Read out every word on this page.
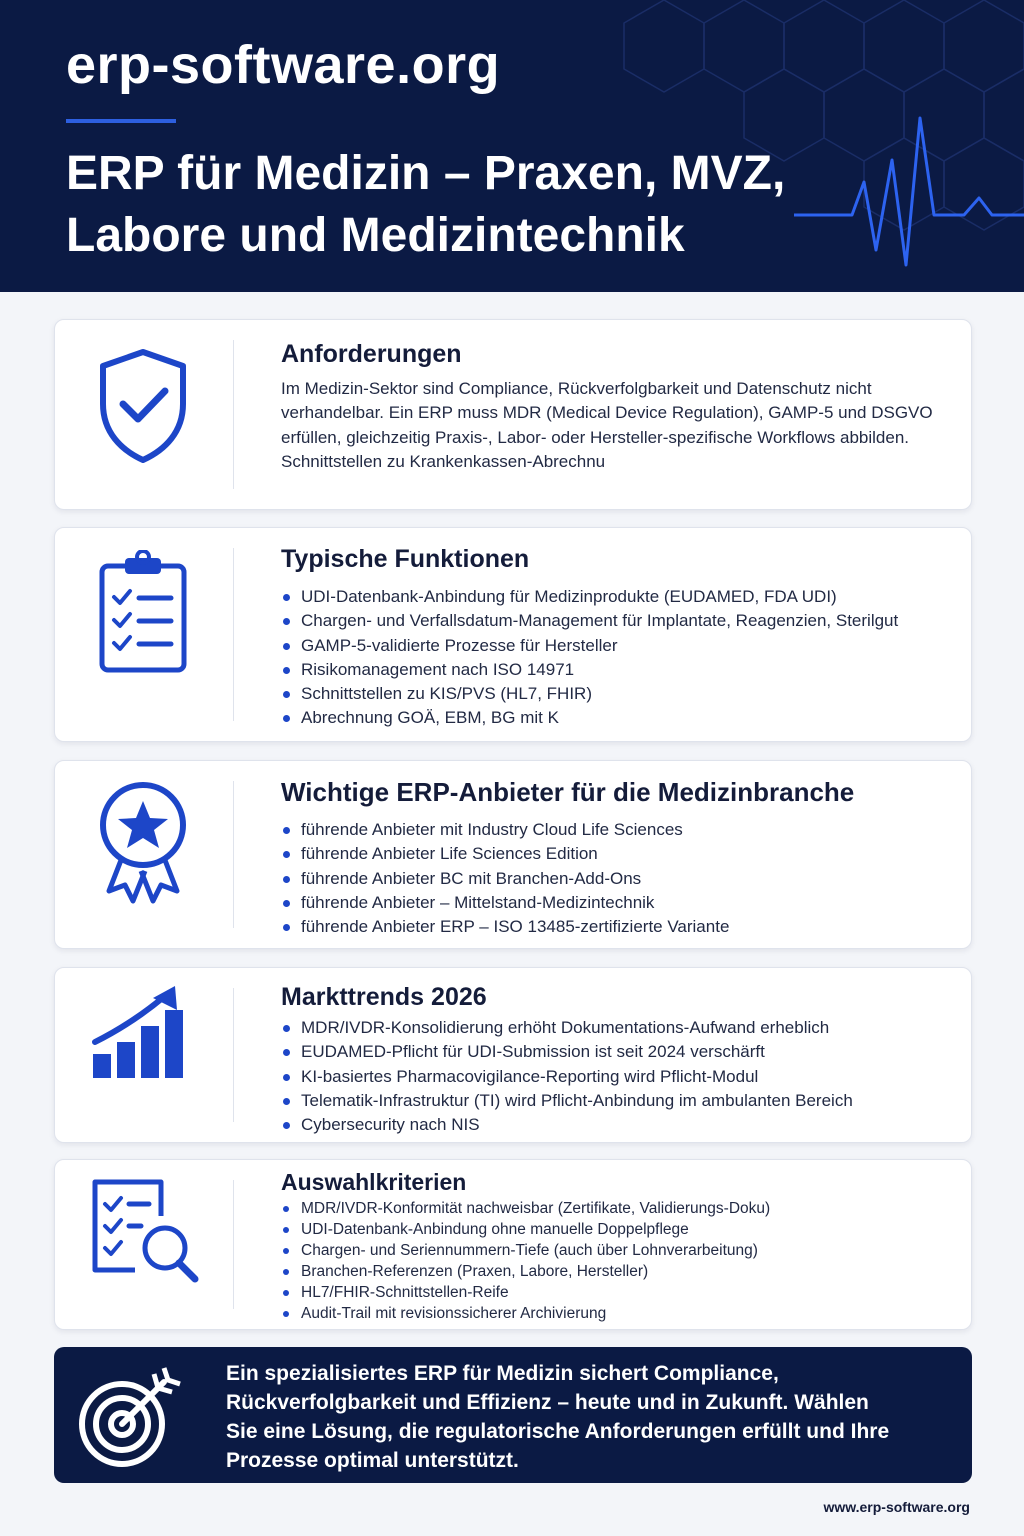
erp-software.org
ERP für Medizin – Praxen, MVZ, Labore und Medizintechnik
Anforderungen

Im Medizin-Sektor sind Compliance, Rückverfolgbarkeit und Datenschutz nicht verhandelbar. Ein ERP muss MDR (Medical Device Regulation), GAMP-5 und DSGVO erfüllen, gleichzeitig Praxis-, Labor- oder Hersteller-spezifische Workflows abbilden. Schnittstellen zu Krankenkassen-Abrechnu

Typische Funktionen
UDI-Datenbank-Anbindung für Medizinprodukte (EUDAMED, FDA UDI)
Chargen- und Verfallsdatum-Management für Implantate, Reagenzien, Sterilgut
GAMP-5-validierte Prozesse für Hersteller
Risikomanagement nach ISO 14971
Schnittstellen zu KIS/PVS (HL7, FHIR)
Abrechnung GOÄ, EBM, BG mit K
Wichtige ERP-Anbieter für die Medizinbranche
führende Anbieter mit Industry Cloud Life Sciences
führende Anbieter Life Sciences Edition
führende Anbieter BC mit Branchen-Add-Ons
führende Anbieter – Mittelstand-Medizintechnik
führende Anbieter ERP – ISO 13485-zertifizierte Variante
Markttrends 2026
MDR/IVDR-Konsolidierung erhöht Dokumentations-Aufwand erheblich
EUDAMED-Pflicht für UDI-Submission ist seit 2024 verschärft
KI-basiertes Pharmacovigilance-Reporting wird Pflicht-Modul
Telematik-Infrastruktur (TI) wird Pflicht-Anbindung im ambulanten Bereich
Cybersecurity nach NIS
Auswahlkriterien
MDR/IVDR-Konformität nachweisbar (Zertifikate, Validierungs-Doku)
UDI-Datenbank-Anbindung ohne manuelle Doppelpflege
Chargen- und Seriennummern-Tiefe (auch über Lohnverarbeitung)
Branchen-Referenzen (Praxen, Labore, Hersteller)
HL7/FHIR-Schnittstellen-Reife
Audit-Trail mit revisionssicherer Archivierung

Ein spezialisiertes ERP für Medizin sichert Compliance, Rückverfolgbarkeit und Effizienz – heute und in Zukunft. Wählen Sie eine Lösung, die regulatorische Anforderungen erfüllt und Ihre Prozesse optimal unterstützt.

www.erp-software.org
